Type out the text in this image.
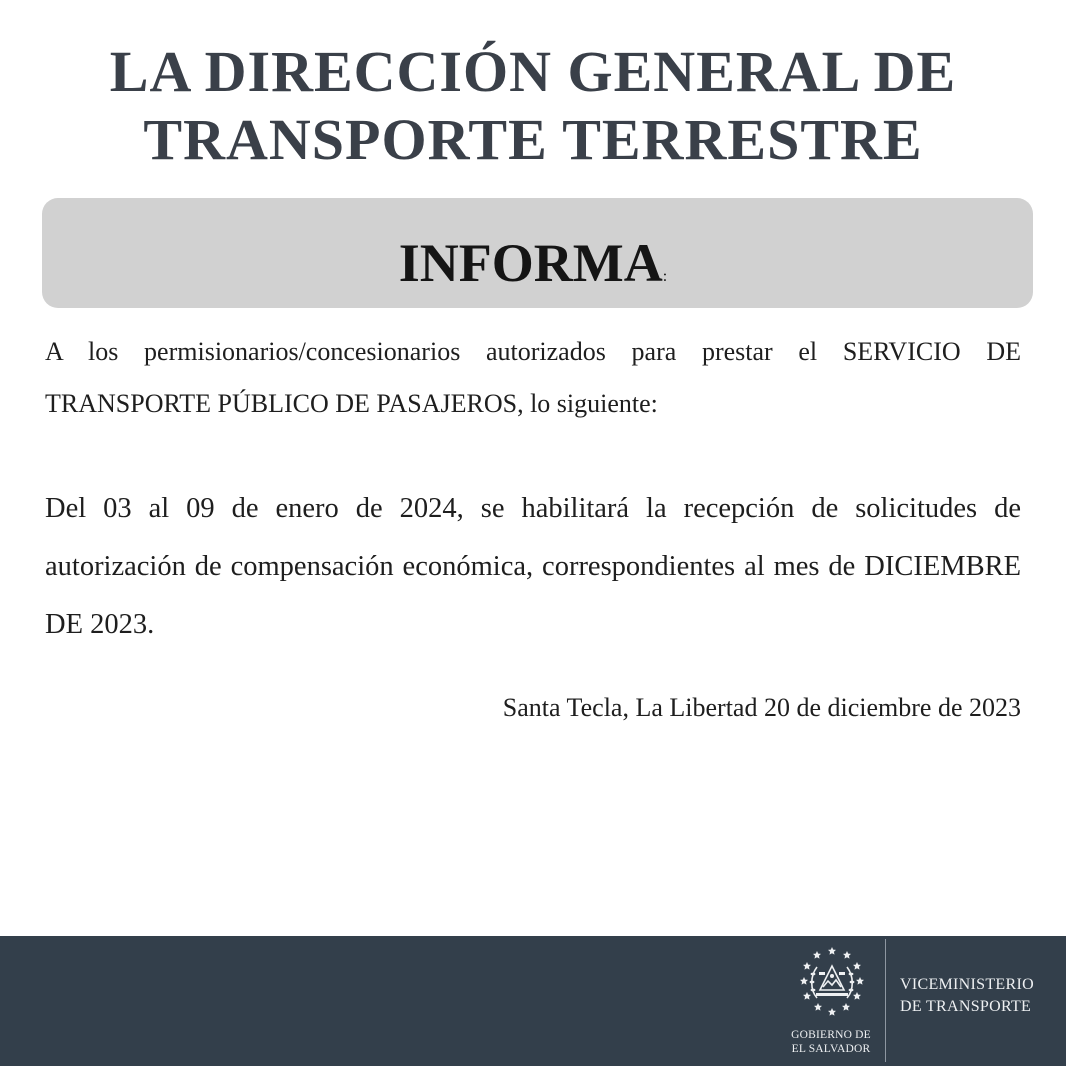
LA DIRECCIÓN GENERAL DE
TRANSPORTE TERRESTRE
INFORMA:
A los permisionarios/concesionarios autorizados para prestar el SERVICIO DE TRANSPORTE PÚBLICO DE PASAJEROS, lo siguiente:
Del 03 al 09 de enero de 2024, se habilitará la recepción de solicitudes de autorización de compensación económica, correspondientes al mes de DICIEMBRE DE 2023.
Santa Tecla, La Libertad 20 de diciembre de 2023
GOBIERNO DE
EL SALVADOR
VICEMINISTERIO
DE TRANSPORTE
